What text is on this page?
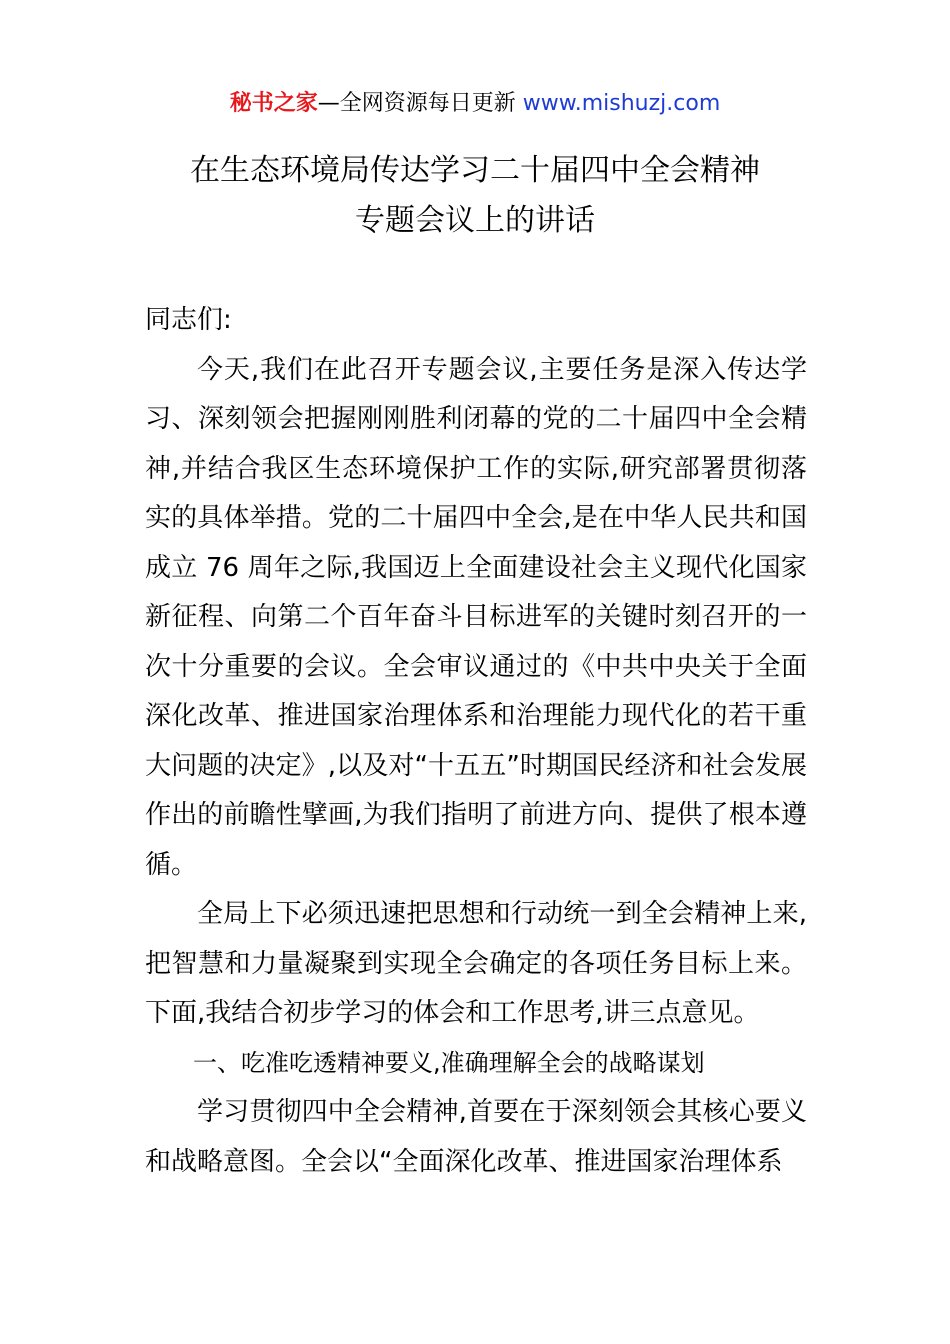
秘书之家—全网资源每日更新 www.mishuzj.com
在生态环境局传达学习二十届四中全会精神
专题会议上的讲话

同志们:

今天,我们在此召开专题会议,主要任务是深入传达学习、深刻领会把握刚刚胜利闭幕的党的二十届四中全会精神,并结合我区生态环境保护工作的实际,研究部署贯彻落实的具体举措。党的二十届四中全会,是在中华人民共和国成立 76 周年之际,我国迈上全面建设社会主义现代化国家新征程、向第二个百年奋斗目标进军的关键时刻召开的一次十分重要的会议。全会审议通过的《中共中央关于全面深化改革、推进国家治理体系和治理能力现代化的若干重大问题的决定》,以及对“十五五”时期国民经济和社会发展作出的前瞻性擘画,为我们指明了前进方向、提供了根本遵循。

全局上下必须迅速把思想和行动统一到全会精神上来,把智慧和力量凝聚到实现全会确定的各项任务目标上来。下面,我结合初步学习的体会和工作思考,讲三点意见。

一、吃准吃透精神要义,准确理解全会的战略谋划

学习贯彻四中全会精神,首要在于深刻领会其核心要义和战略意图。全会以“全面深化改革、推进国家治理体系
